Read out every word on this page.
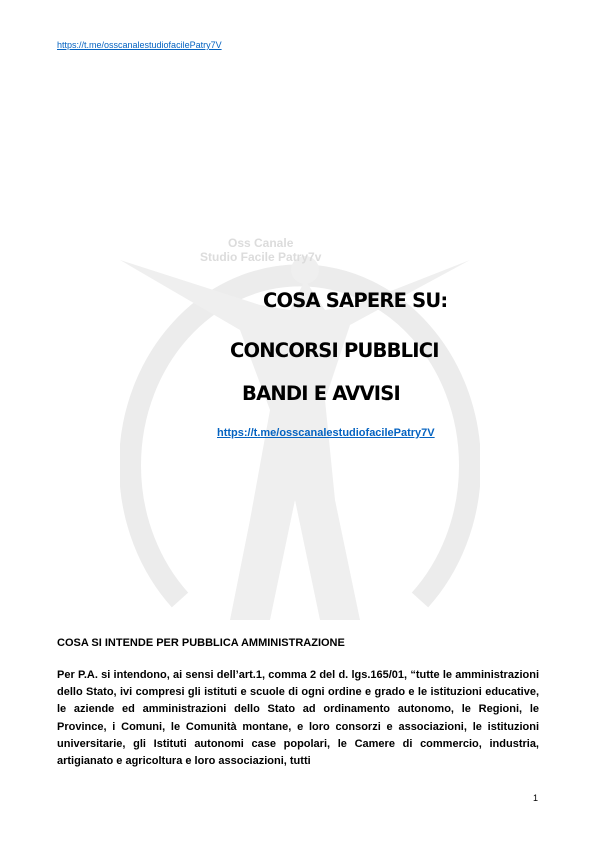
https://t.me/osscanalestudiofacilePatry7V
Oss Canale
Studio Facile Patry7v
COSA SAPERE SU:
CONCORSI PUBBLICI
BANDI E AVVISI
https://t.me/osscanalestudiofacilePatry7V
COSA SI INTENDE PER PUBBLICA AMMINISTRAZIONE
Per P.A. si intendono, ai sensi dell’art.1, comma 2 del d. lgs.165/01, “tutte le amministrazioni dello Stato, ivi compresi gli istituti e scuole di ogni ordine e grado e le istituzioni educative, le aziende ed amministrazioni dello Stato ad ordinamento autonomo, le Regioni, le Province, i Comuni, le Comunità montane, e loro consorzi e associazioni, le istituzioni universitarie, gli Istituti autonomi case popolari, le Camere di commercio, industria, artigianato e agricoltura e loro associazioni, tutti
1
